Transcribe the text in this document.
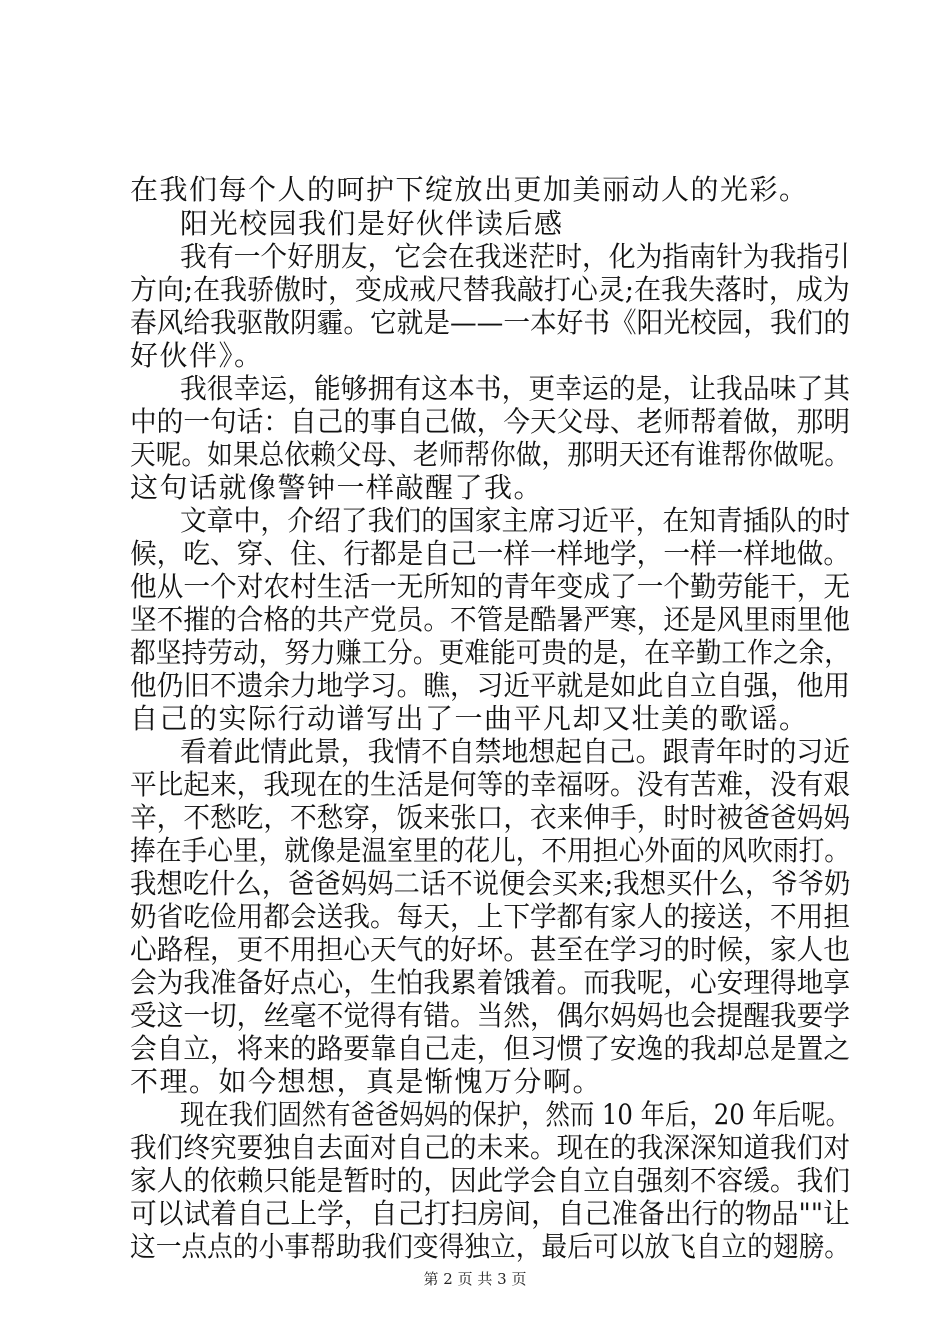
在我们每个人的呵护下绽放出更加美丽动人的光彩。
阳光校园我们是好伙伴读后感
我有一个好朋友，它会在我迷茫时，化为指南针为我指引
方向;在我骄傲时，变成戒尺替我敲打心灵;在我失落时，成为
春风给我驱散阴霾。它就是——一本好书《阳光校园，我们的
好伙伴》。
我很幸运，能够拥有这本书，更幸运的是，让我品味了其
中的一句话：自己的事自己做，今天父母、老师帮着做，那明
天呢。如果总依赖父母、老师帮你做，那明天还有谁帮你做呢。
这句话就像警钟一样敲醒了我。
文章中，介绍了我们的国家主席习近平，在知青插队的时
候，吃、穿、住、行都是自己一样一样地学，一样一样地做。
他从一个对农村生活一无所知的青年变成了一个勤劳能干，无
坚不摧的合格的共产党员。不管是酷暑严寒，还是风里雨里他
都坚持劳动，努力赚工分。更难能可贵的是，在辛勤工作之余，
他仍旧不遗余力地学习。瞧，习近平就是如此自立自强，他用
自己的实际行动谱写出了一曲平凡却又壮美的歌谣。
看着此情此景，我情不自禁地想起自己。跟青年时的习近
平比起来，我现在的生活是何等的幸福呀。没有苦难，没有艰
辛，不愁吃，不愁穿，饭来张口，衣来伸手，时时被爸爸妈妈
捧在手心里，就像是温室里的花儿，不用担心外面的风吹雨打。
我想吃什么，爸爸妈妈二话不说便会买来;我想买什么，爷爷奶
奶省吃俭用都会送我。每天，上下学都有家人的接送，不用担
心路程，更不用担心天气的好坏。甚至在学习的时候，家人也
会为我准备好点心，生怕我累着饿着。而我呢，心安理得地享
受这一切，丝毫不觉得有错。当然，偶尔妈妈也会提醒我要学
会自立，将来的路要靠自己走，但习惯了安逸的我却总是置之
不理。如今想想，真是惭愧万分啊。
现在我们固然有爸爸妈妈的保护，然而 10 年后，20 年后呢。
我们终究要独自去面对自己的未来。现在的我深深知道我们对
家人的依赖只能是暂时的，因此学会自立自强刻不容缓。我们
可以试着自己上学，自己打扫房间，自己准备出行的物品""让
这一点点的小事帮助我们变得独立，最后可以放飞自立的翅膀。
第 2 页 共 3 页
